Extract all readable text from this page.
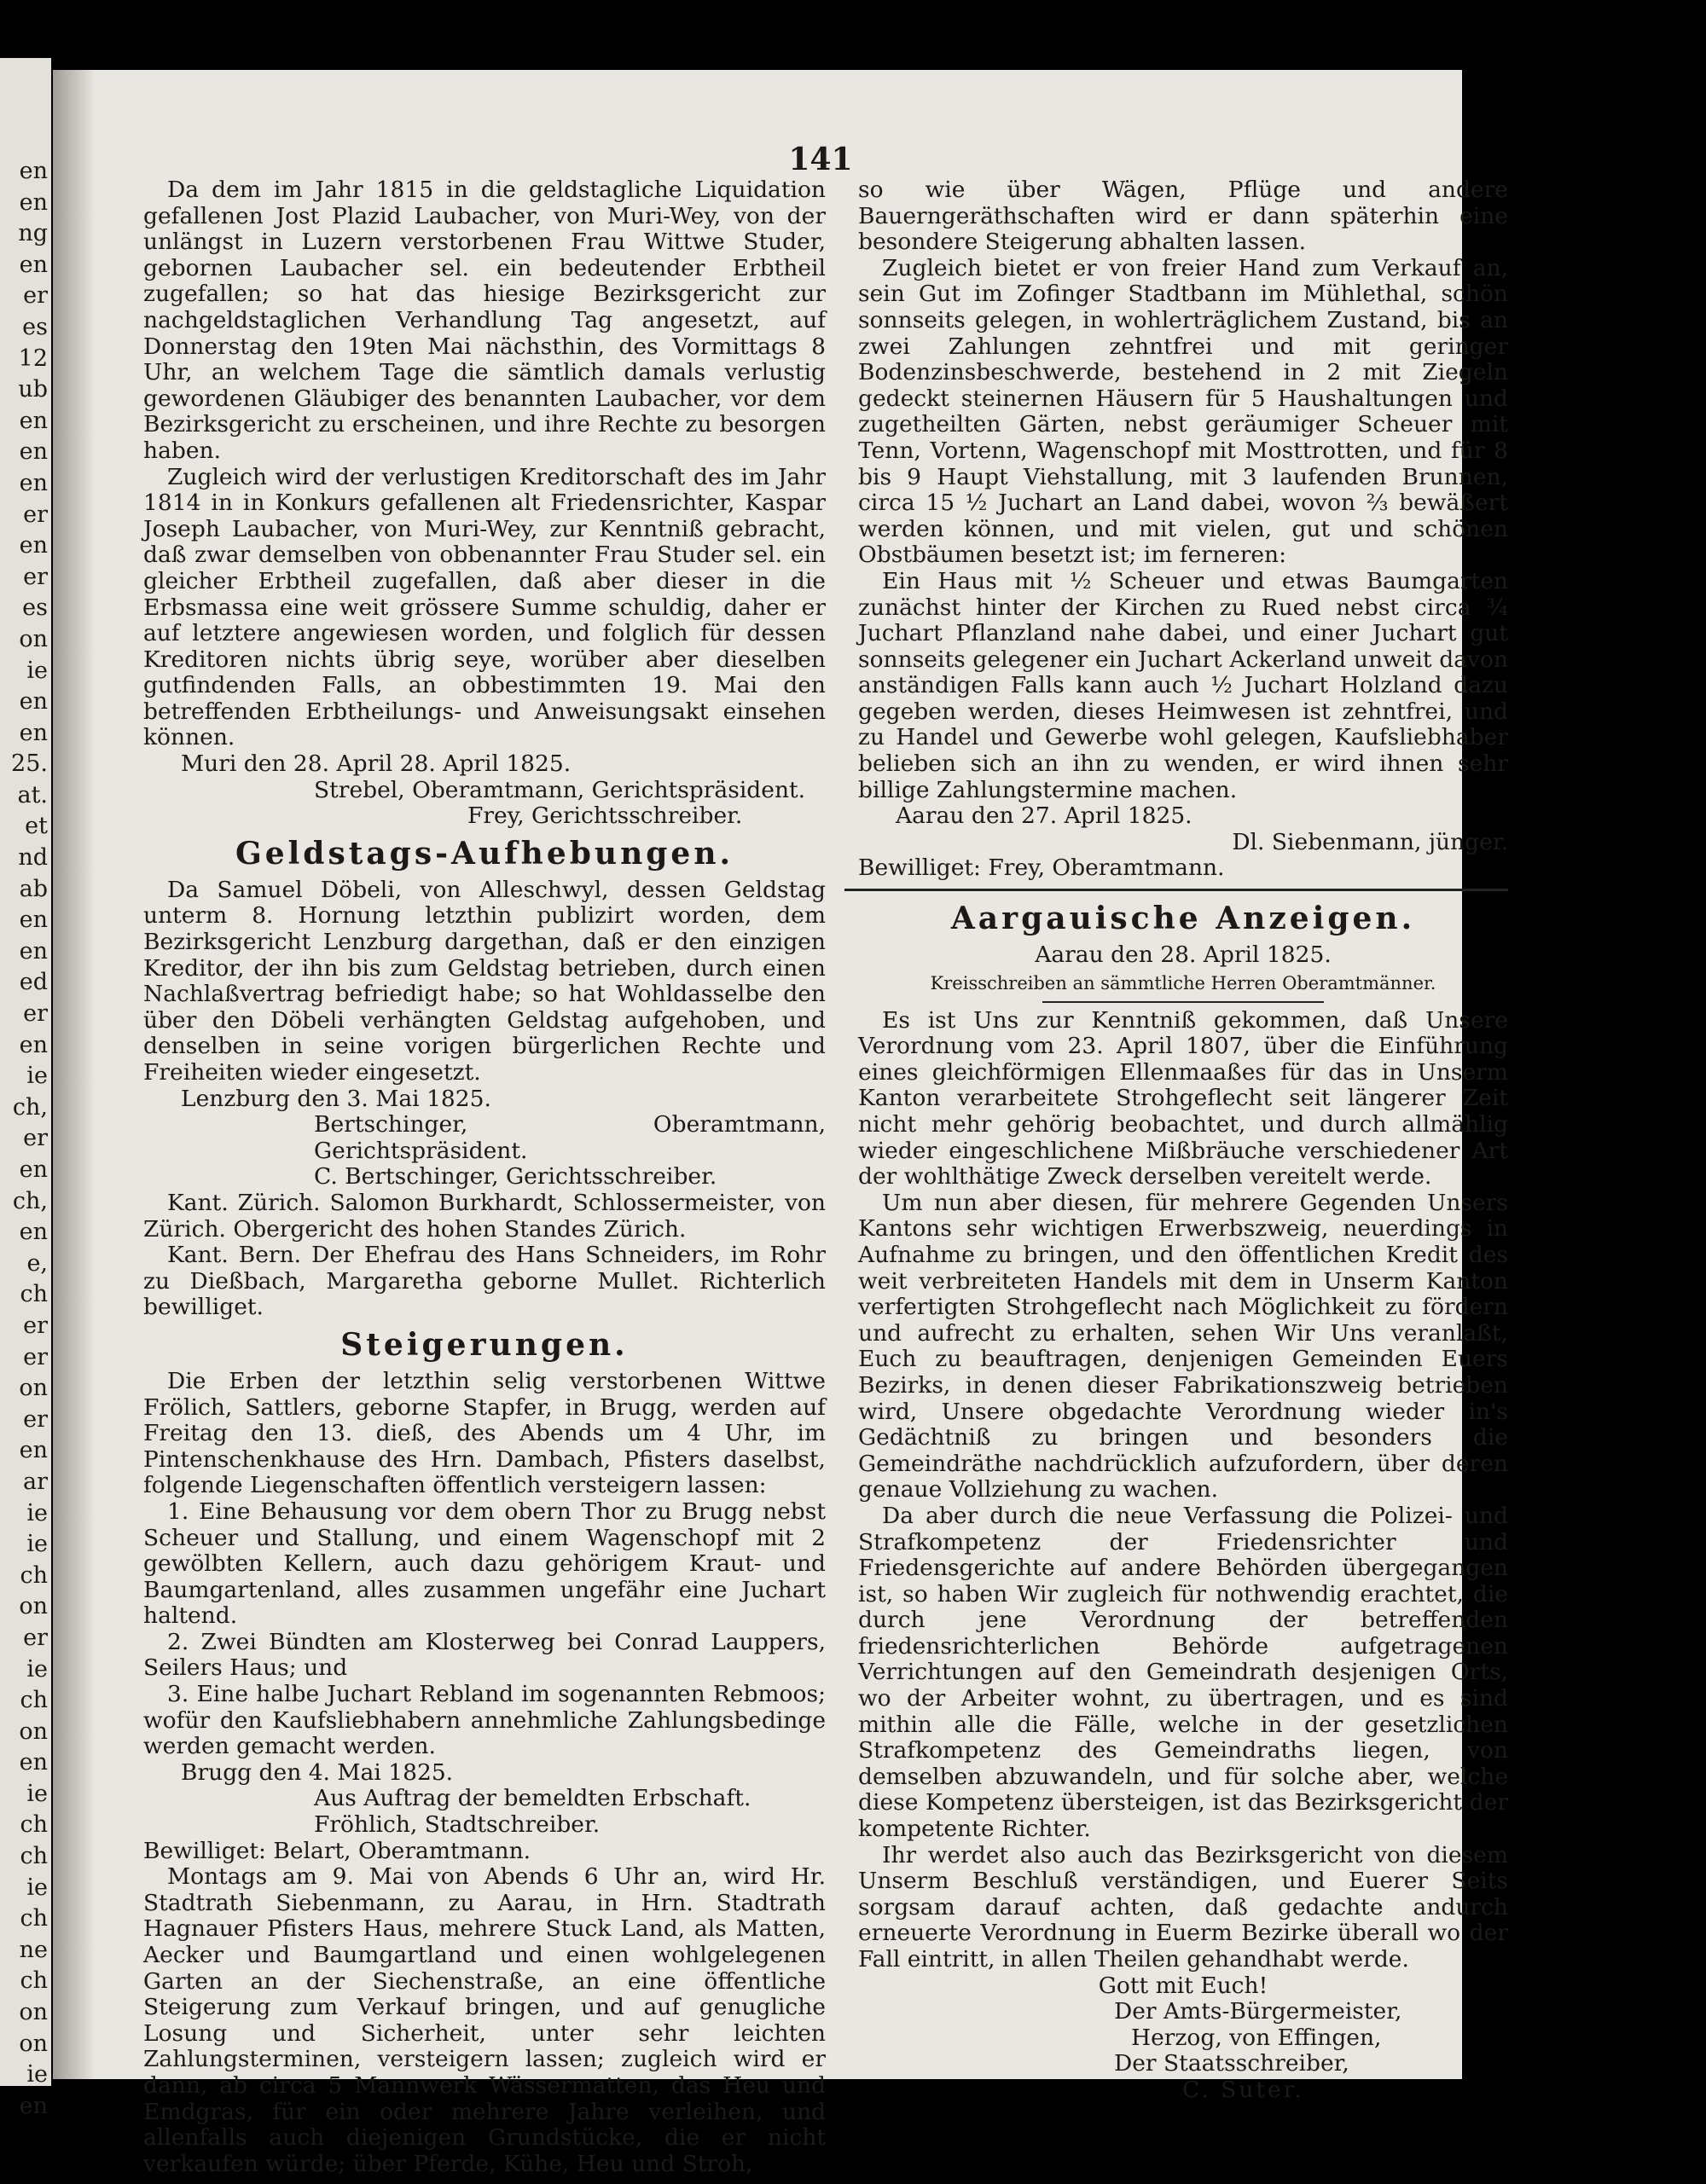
en
en
ng
en
er
es
12
ub
en
en
en
er
en
er
es
on
ie
en
en
25.
at.
et
nd
ab
en
en
ed
er
en
ie
ch,
er
en
ch,
en
e,
ch
er
er
on
er
en
ar
ie
ie
ch
on
er
ie
ch
on
en
ie
ch
ch
ie
ch
ne
ch
on
on
ie
en
141

Da dem im Jahr 1815 in die geldstagliche Liquidation gefallenen Jost Plazid Laubacher, von Muri-Wey, von der unlängst in Luzern verstorbenen Frau Wittwe Studer, gebornen Laubacher sel. ein bedeutender Erbtheil zugefallen; so hat das hiesige Bezirksgericht zur nachgeldstaglichen Verhandlung Tag angesetzt, auf Donnerstag den 19ten Mai nächsthin, des Vormittags 8 Uhr, an welchem Tage die sämtlich damals verlustig gewordenen Gläubiger des benannten Laubacher, vor dem Bezirksgericht zu erscheinen, und ihre Rechte zu besorgen haben.

Zugleich wird der verlustigen Kreditorschaft des im Jahr 1814 in in Konkurs gefallenen alt Friedensrichter, Kaspar Joseph Laubacher, von Muri-Wey, zur Kenntniß gebracht, daß zwar demselben von obbenannter Frau Studer sel. ein gleicher Erbtheil zugefallen, daß aber dieser in die Erbsmassa eine weit grössere Summe schuldig, daher er auf letztere angewiesen worden, und folglich für dessen Kreditoren nichts übrig seye, worüber aber dieselben gutfindenden Falls, an obbestimmten 19. Mai den betreffenden Erbtheilungs- und Anweisungsakt einsehen können.

Muri den 28. April 28. April 1825.

Strebel, Oberamtmann, Gerichtspräsident.

Frey, Gerichtsschreiber.

Geldstags-Aufhebungen.

Da Samuel Döbeli, von Alleschwyl, dessen Geldstag unterm 8. Hornung letzthin publizirt worden, dem Bezirksgericht Lenzburg dargethan, daß er den einzigen Kreditor, der ihn bis zum Geldstag betrieben, durch einen Nachlaßvertrag befriedigt habe; so hat Wohldasselbe den über den Döbeli verhängten Geldstag aufgehoben, und denselben in seine vorigen bürgerlichen Rechte und Freiheiten wieder eingesetzt.

Lenzburg den 3. Mai 1825.

Bertschinger, Oberamtmann, Gerichtspräsident.

C. Bertschinger, Gerichtsschreiber.

Kant. Zürich. Salomon Burkhardt, Schlossermeister, von Zürich. Obergericht des hohen Standes Zürich.

Kant. Bern. Der Ehefrau des Hans Schneiders, im Rohr zu Dießbach, Margaretha geborne Mullet. Richterlich bewilliget.

Steigerungen.

Die Erben der letzthin selig verstorbenen Wittwe Frölich, Sattlers, geborne Stapfer, in Brugg, werden auf Freitag den 13. dieß, des Abends um 4 Uhr, im Pintenschenkhause des Hrn. Dambach, Pfisters daselbst, folgende Liegenschaften öffentlich versteigern lassen:

1. Eine Behausung vor dem obern Thor zu Brugg nebst Scheuer und Stallung, und einem Wagenschopf mit 2 gewölbten Kellern, auch dazu gehörigem Kraut- und Baumgartenland, alles zusammen ungefähr eine Juchart haltend.

2. Zwei Bündten am Klosterweg bei Conrad Lauppers, Seilers Haus; und

3. Eine halbe Juchart Rebland im sogenannten Rebmoos; wofür den Kaufsliebhabern annehmliche Zahlungsbedinge werden gemacht werden.

Brugg den 4. Mai 1825.

Aus Auftrag der bemeldten Erbschaft.

Fröhlich, Stadtschreiber.

Bewilliget: Belart, Oberamtmann.

Montags am 9. Mai von Abends 6 Uhr an, wird Hr. Stadtrath Siebenmann, zu Aarau, in Hrn. Stadtrath Hagnauer Pfisters Haus, mehrere Stuck Land, als Matten, Aecker und Baumgartland und einen wohlgelegenen Garten an der Siechenstraße, an eine öffentliche Steigerung zum Verkauf bringen, und auf genugliche Losung und Sicherheit, unter sehr leichten Zahlungsterminen, versteigern lassen; zugleich wird er dann, ab circa 5 Mannwerk Wässermatten, das Heu und Emdgras, für ein oder mehrere Jahre verleihen, und allenfalls auch diejenigen Grundstücke, die er nicht verkaufen würde; über Pferde, Kühe, Heu und Stroh,

so wie über Wägen, Pflüge und andere Bauerngeräthschaften wird er dann späterhin eine besondere Steigerung abhalten lassen.

Zugleich bietet er von freier Hand zum Verkauf an, sein Gut im Zofinger Stadtbann im Mühlethal, schön sonnseits gelegen, in wohlerträglichem Zustand, bis an zwei Zahlungen zehntfrei und mit geringer Bodenzinsbeschwerde, bestehend in 2 mit Ziegeln gedeckt steinernen Häusern für 5 Haushaltungen und zugetheilten Gärten, nebst geräumiger Scheuer mit Tenn, Vortenn, Wagenschopf mit Mosttrotten, und für 8 bis 9 Haupt Viehstallung, mit 3 laufenden Brunnen, circa 15 ½ Juchart an Land dabei, wovon ⅔ bewäßert werden können, und mit vielen, gut und schönen Obstbäumen besetzt ist; im ferneren:

Ein Haus mit ½ Scheuer und etwas Baumgarten zunächst hinter der Kirchen zu Rued nebst circa ¾ Juchart Pflanzland nahe dabei, und einer Juchart gut sonnseits gelegener ein Juchart Ackerland unweit davon anständigen Falls kann auch ½ Juchart Holzland dazu gegeben werden, dieses Heimwesen ist zehntfrei, und zu Handel und Gewerbe wohl gelegen, Kaufsliebhaber belieben sich an ihn zu wenden, er wird ihnen sehr billige Zahlungstermine machen.

Aarau den 27. April 1825.

Dl. Siebenmann, jünger.

Bewilliget: Frey, Oberamtmann.

Aargauische Anzeigen.

Aarau den 28. April 1825.

Kreisschreiben an sämmtliche Herren Oberamtmänner.

Es ist Uns zur Kenntniß gekommen, daß Unsere Verordnung vom 23. April 1807, über die Einführung eines gleichförmigen Ellenmaaßes für das in Unserm Kanton verarbeitete Strohgeflecht seit längerer Zeit nicht mehr gehörig beobachtet, und durch allmählig wieder eingeschlichene Mißbräuche verschiedener Art der wohlthätige Zweck derselben vereitelt werde.

Um nun aber diesen, für mehrere Gegenden Unsers Kantons sehr wichtigen Erwerbszweig, neuerdings in Aufnahme zu bringen, und den öffentlichen Kredit des weit verbreiteten Handels mit dem in Unserm Kanton verfertigten Strohgeflecht nach Möglichkeit zu fördern und aufrecht zu erhalten, sehen Wir Uns veranlaßt, Euch zu beauftragen, denjenigen Gemeinden Euers Bezirks, in denen dieser Fabrikationszweig betrieben wird, Unsere obgedachte Verordnung wieder in's Gedächtniß zu bringen und besonders die Gemeindräthe nachdrücklich aufzufordern, über deren genaue Vollziehung zu wachen.

Da aber durch die neue Verfassung die Polizei- und Strafkompetenz der Friedensrichter und Friedensgerichte auf andere Behörden übergegangen ist, so haben Wir zugleich für nothwendig erachtet, die durch jene Verordnung der betreffenden friedensrichterlichen Behörde aufgetragenen Verrichtungen auf den Gemeindrath desjenigen Orts, wo der Arbeiter wohnt, zu übertragen, und es sind mithin alle die Fälle, welche in der gesetzlichen Strafkompetenz des Gemeindraths liegen, von demselben abzuwandeln, und für solche aber, welche diese Kompetenz übersteigen, ist das Bezirksgericht der kompetente Richter.

Ihr werdet also auch das Bezirksgericht von diesem Unserm Beschluß verständigen, und Euerer Seits sorgsam darauf achten, daß gedachte andurch erneuerte Verordnung in Euerm Bezirke überall wo der Fall eintritt, in allen Theilen gehandhabt werde.

Gott mit Euch!

Der Amts-Bürgermeister,

Herzog, von Effingen,

Der Staatsschreiber,

C. Suter.
